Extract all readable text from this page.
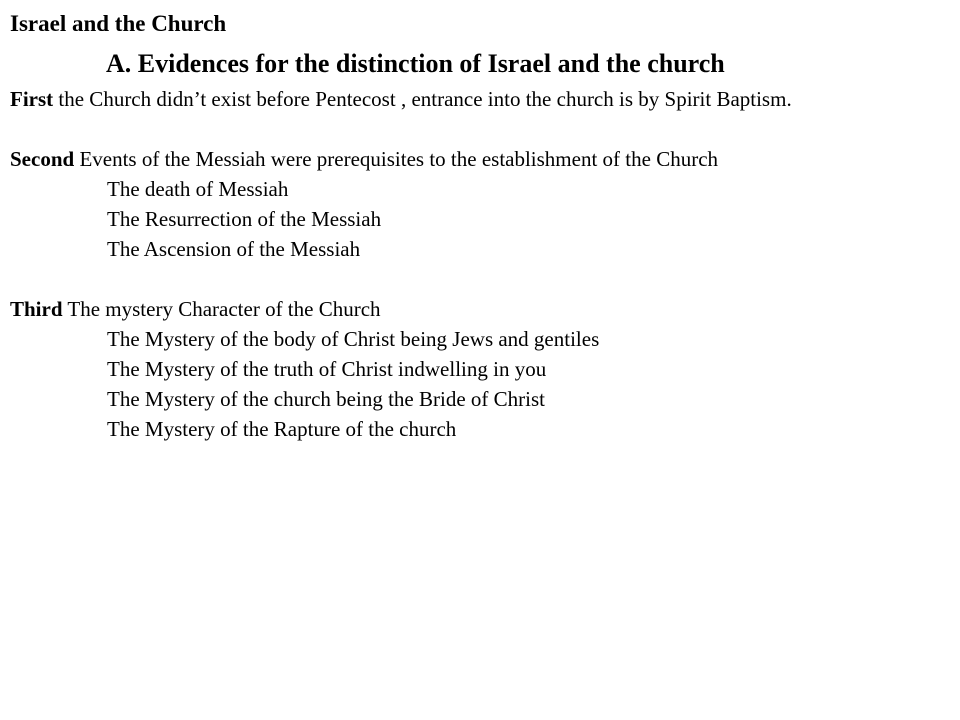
Israel and the Church
A. Evidences for the distinction of Israel and the church

First the Church didn’t exist before Pentecost , entrance into the church is by Spirit Baptism.

Second Events of the Messiah were prerequisites to the establishment of the Church

The death of Messiah
The Resurrection of the Messiah
The Ascension of the Messiah

Third The mystery Character of the Church

The Mystery of the body of Christ being Jews and gentiles
The Mystery of the truth of Christ indwelling in you
The Mystery of the church being the Bride of Christ
The Mystery of the Rapture of the church
